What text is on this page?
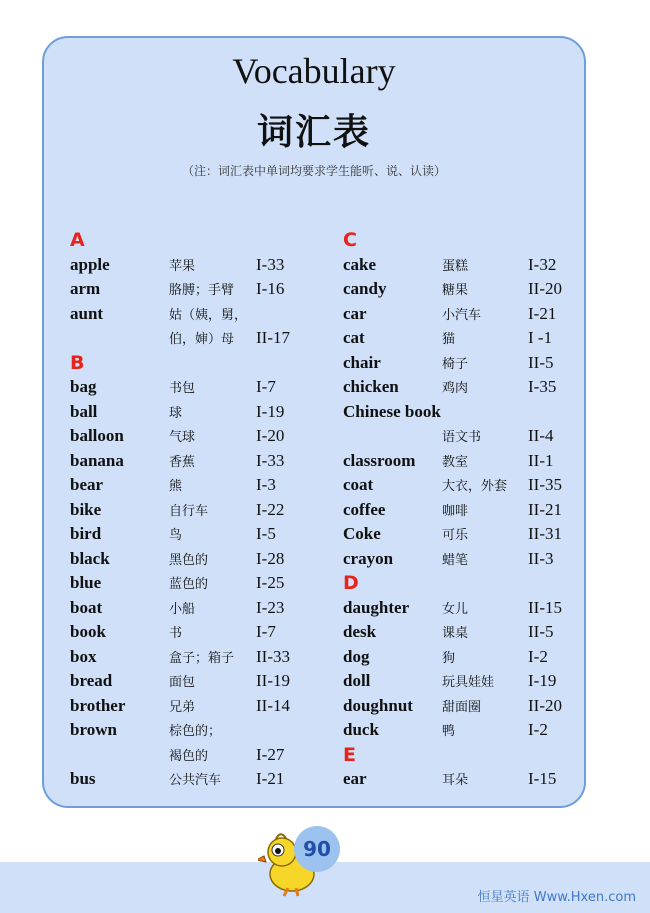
Vocabulary
词汇表
（注：词汇表中单词均要求学生能听、说、认读）
A
apple	苹果	I-33
arm	胳膊；手臂 I-16
aunt	姑（姨，舅，
伯，婶）母 II-17
B
bag	书包	I-7
ball	球	I-19
balloon	气球	I-20
banana	香蕉	I-33
bear	熊	I-3
bike	自行车	I-22
bird	鸟	I-5
black	黑色的	I-28
blue	蓝色的	I-25
boat	小船	I-23
book	书	I-7
box	盒子；箱子 II-33
bread	面包	II-19
brother	兄弟	II-14
brown	棕色的；
褐色的	I-27
bus	公共汽车 I-21
C
cake	蛋糕	I-32
candy	糖果	II-20
car	小汽车	I-21
cat	猫	I -1
chair	椅子	II-5
chicken	鸡肉	I-35
Chinese book
语文书	II-4
classroom 教室	II-1
coat	大衣，外套 II-35
coffee	咖啡	II-21
Coke	可乐	II-31
crayon	蜡笔	II-3
D
daughter	女儿	II-15
desk	课桌	II-5
dog	狗	I-2
doll	玩具娃娃 I-19
doughnut 甜面圈	II-20
duck	鸭	I-2
E
ear	耳朵	I-15
90
恒星英语 Www.Hxen.com
